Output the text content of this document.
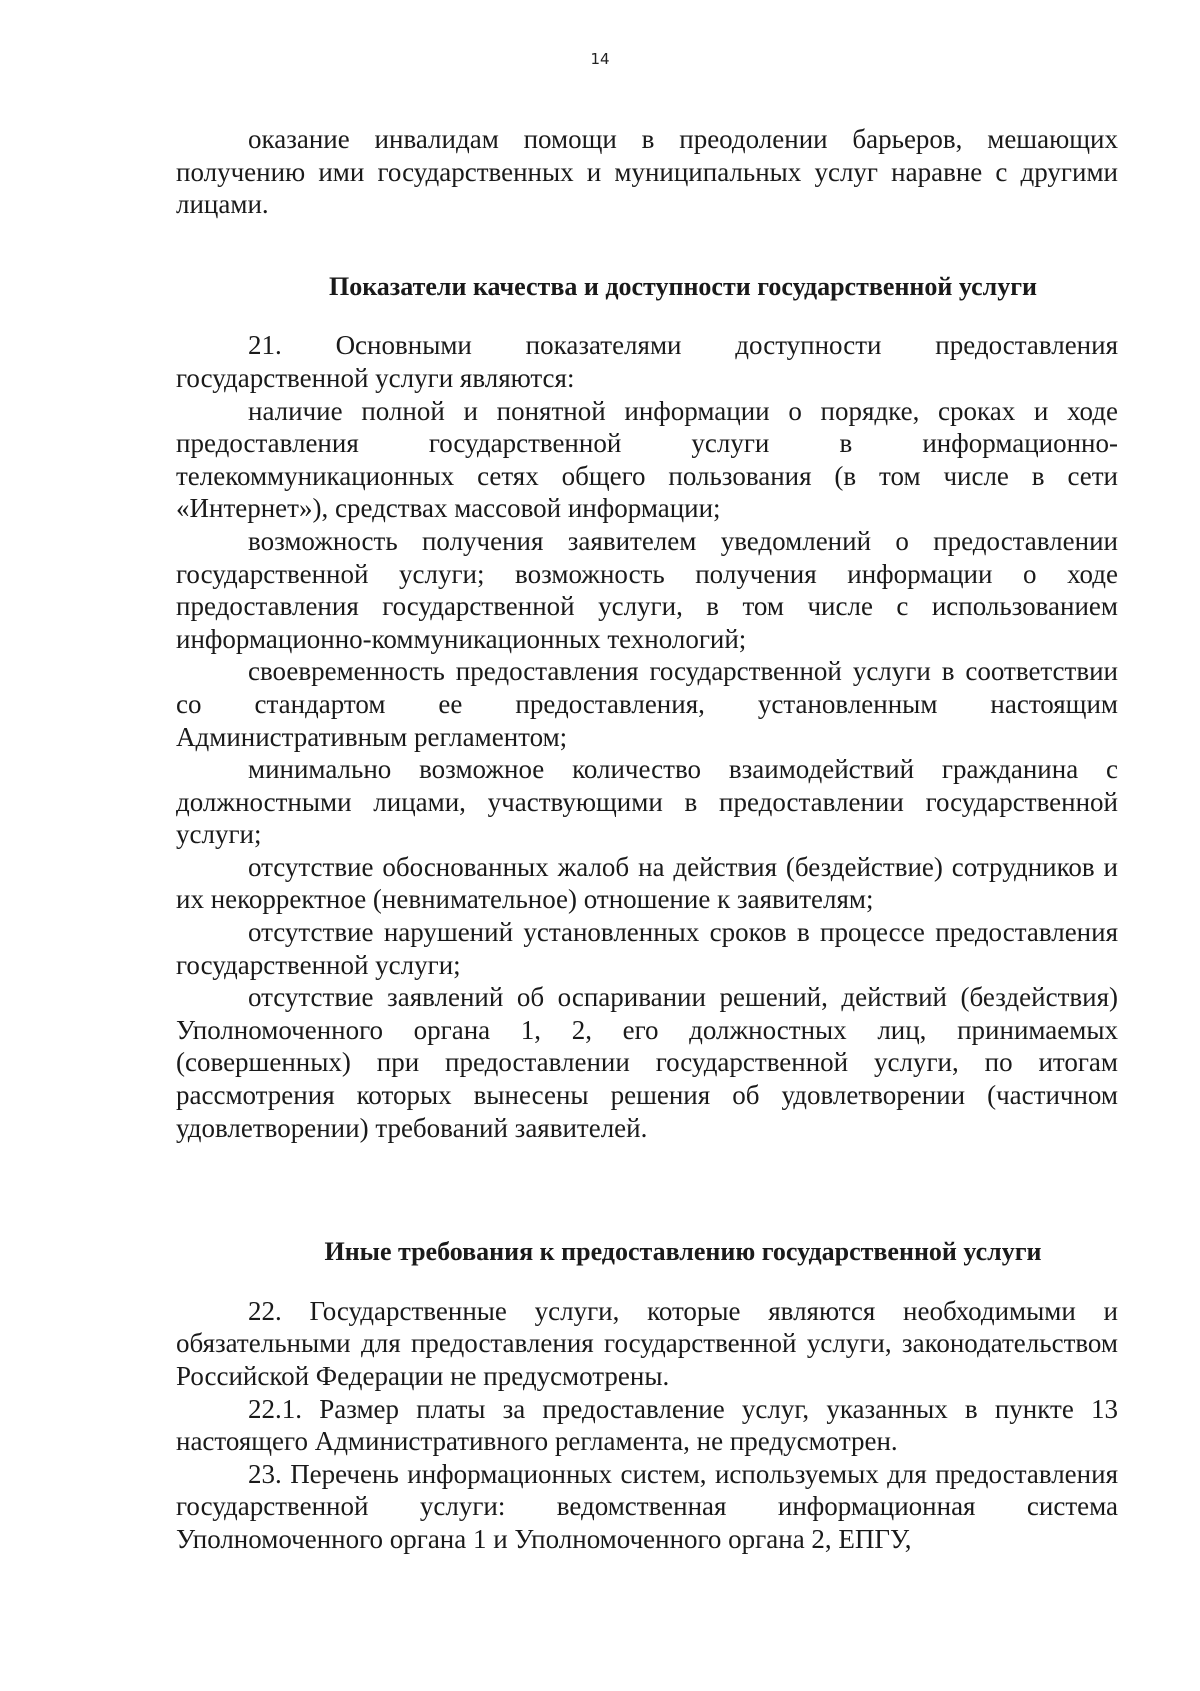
14

оказание инвалидам помощи в преодолении барьеров, мешающих получению ими государственных и муниципальных услуг наравне с другими лицами.

Показатели качества и доступности государственной услуги

21. Основными показателями доступности предоставления государственной услуги являются:

наличие полной и понятной информации о порядке, сроках и ходе предоставления государственной услуги в информационно-телекоммуникационных сетях общего пользования (в том числе в сети «Интернет»), средствах массовой информации;

возможность получения заявителем уведомлений о предоставлении государственной услуги; возможность получения информации о ходе предоставления государственной услуги, в том числе с использованием информационно-коммуникационных технологий;

своевременность предоставления государственной услуги в соответствии со стандартом ее предоставления, установленным настоящим Административным регламентом;

минимально возможное количество взаимодействий гражданина с должностными лицами, участвующими в предоставлении государственной услуги;

отсутствие обоснованных жалоб на действия (бездействие) сотрудников и их некорректное (невнимательное) отношение к заявителям;

отсутствие нарушений установленных сроков в процессе предоставления государственной услуги;

отсутствие заявлений об оспаривании решений, действий (бездействия) Уполномоченного органа 1, 2, его должностных лиц, принимаемых (совершенных) при предоставлении государственной услуги, по итогам рассмотрения которых вынесены решения об удовлетворении (частичном удовлетворении) требований заявителей.

Иные требования к предоставлению государственной услуги

22. Государственные услуги, которые являются необходимыми и обязательными для предоставления государственной услуги, законодательством Российской Федерации не предусмотрены.

22.1. Размер платы за предоставление услуг, указанных в пункте 13 настоящего Административного регламента, не предусмотрен.

23. Перечень информационных систем, используемых для предоставления государственной услуги: ведомственная информационная система Уполномоченного органа 1 и Уполномоченного органа 2, ЕПГУ,
